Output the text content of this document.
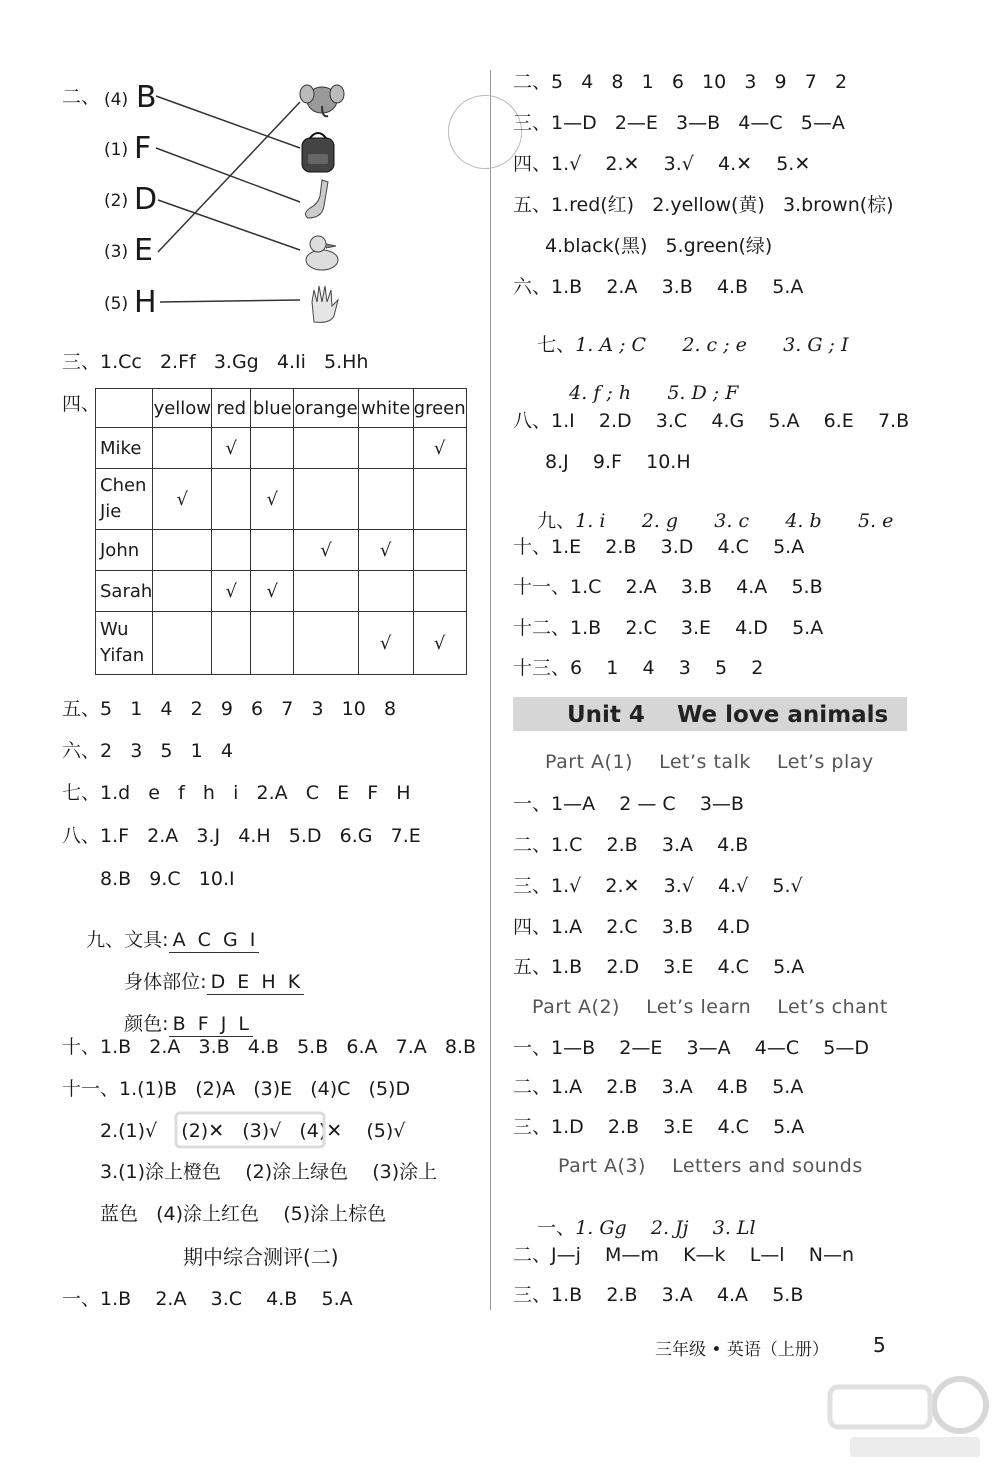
二、 (4) B
(1) F
(2) D
(3) E
(5) H
三、1.Cc   2.Ff   3.Gg   4.Ii   5.Hh
四、
		yellow	red	blue	orange	white	green
Mike		√				√
Chen Jie	√		√			
John				√	√	
Sarah		√	√			
Wu Yifan					√	√
五、5   1   4   2   9   6   7   3   10   8
六、2   3   5   1   4
七、1.d   e   f   h   i   2.A   C   E   F   H
八、1.F   2.A   3.J   4.H   5.D   6.G   7.E
8.B   9.C   10.I

九、文具: A  C  G  I

身体部位: D  E  H  K

颜色: B  F  J  L

十、1.B   2.A   3.B   4.B   5.B   6.A   7.A   8.B
十一、1.(1)B   (2)A   (3)E   (4)C   (5)D
2.(1)√    (2)✕   (3)√   (4)✕    (5)√
3.(1)涂上橙色    (2)涂上绿色    (3)涂上
蓝色   (4)涂上红色    (5)涂上棕色
期中综合测评(二)
一、1.B    2.A    3.C    4.B    5.A
二、5   4   8   1   6   10   3   9   7   2
三、1—D   2—E   3—B   4—C   5—A
四、1.√    2.✕    3.√    4.✕    5.✕
五、1.red(红)   2.yellow(黄)   3.brown(棕)
4.black(黑)   5.green(绿)
六、1.B    2.A    3.B    4.B    5.A

七、1. A ; C 2. c ; e 3. G ; I

4. f ; h 5. D ; F

八、1.I    2.D    3.C    4.G    5.A    6.E    7.B
8.J    9.F    10.H

九、1. i 2. g 3. c 4. b 5. e

十、1.E    2.B    3.D    4.C    5.A
十一、1.C    2.A    3.B    4.A    5.B
十二、1.B    2.C    3.E    4.D    5.A
十三、6    1    4    3    5    2
Unit 4    We love animals
Part A(1)    Let’s talk    Let’s play
一、1—A    2 — C    3—B
二、1.C    2.B    3.A    4.B
三、1.√    2.✕    3.√    4.√    5.√
四、1.A    2.C    3.B    4.D
五、1.B    2.D    3.E    4.C    5.A
Part A(2)    Let’s learn    Let’s chant
一、1—B    2—E    3—A    4—C    5—D
二、1.A    2.B    3.A    4.B    5.A
三、1.D    2.B    3.E    4.C    5.A
Part A(3)    Letters and sounds

一、1. Gg 2. Jj 3. Ll

二、J—j    M—m    K—k    L—l    N—n
三、1.B    2.B    3.A    4.A    5.B
三年级 • 英语（上册） 5
